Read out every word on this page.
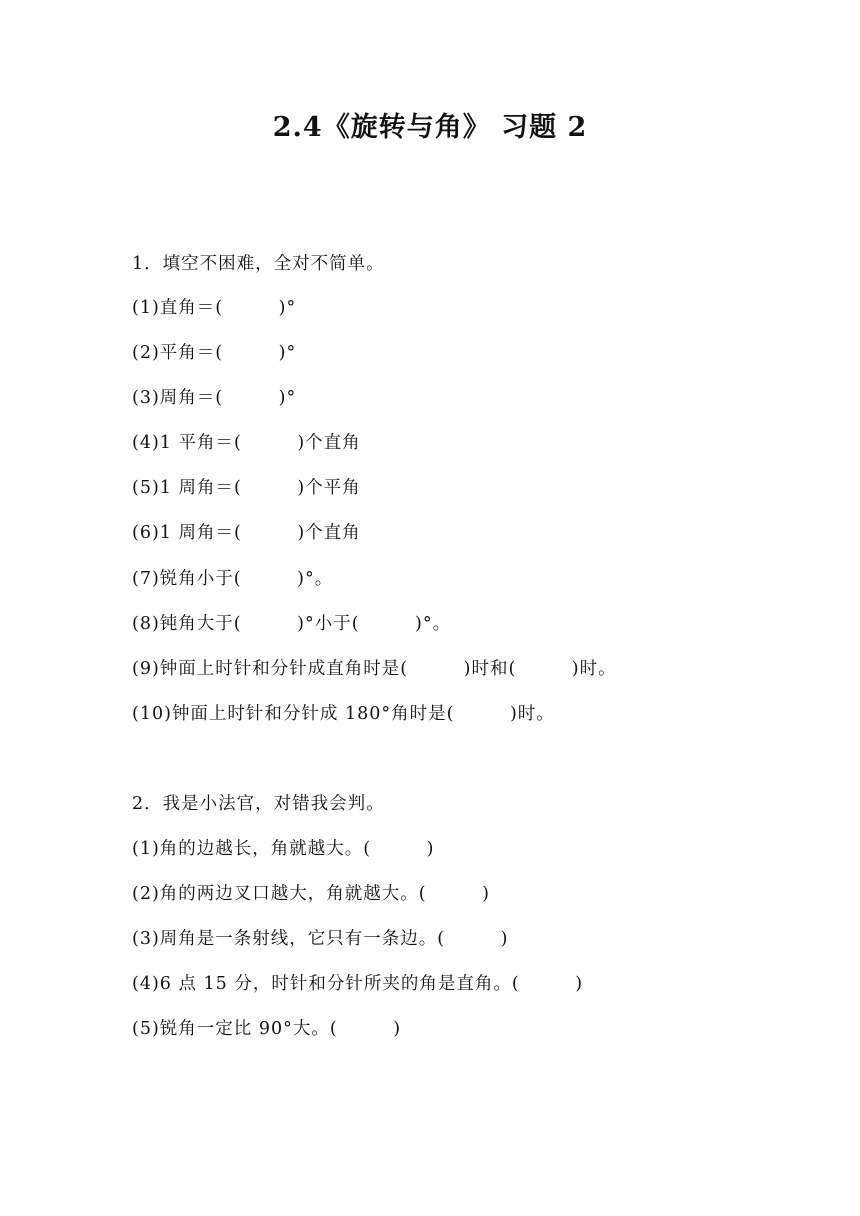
2.4《旋转与角》 习题 2
1．填空不困难，全对不简单。
(1)直角＝(　　　)°
(2)平角＝(　　　)°
(3)周角＝(　　　)°
(4)1 平角＝(　　　)个直角
(5)1 周角＝(　　　)个平角
(6)1 周角＝(　　　)个直角
(7)锐角小于(　　　)°。
(8)钝角大于(　　　)°小于(　　　)°。
(9)钟面上时针和分针成直角时是(　　　)时和(　　　)时。
(10)钟面上时针和分针成 180°角时是(　　　)时。
2．我是小法官，对错我会判。
(1)角的边越长，角就越大。(　　　)
(2)角的两边叉口越大，角就越大。(　　　)
(3)周角是一条射线，它只有一条边。(　　　)
(4)6 点 15 分，时针和分针所夹的角是直角。(　　　)
(5)锐角一定比 90°大。(　　　)
